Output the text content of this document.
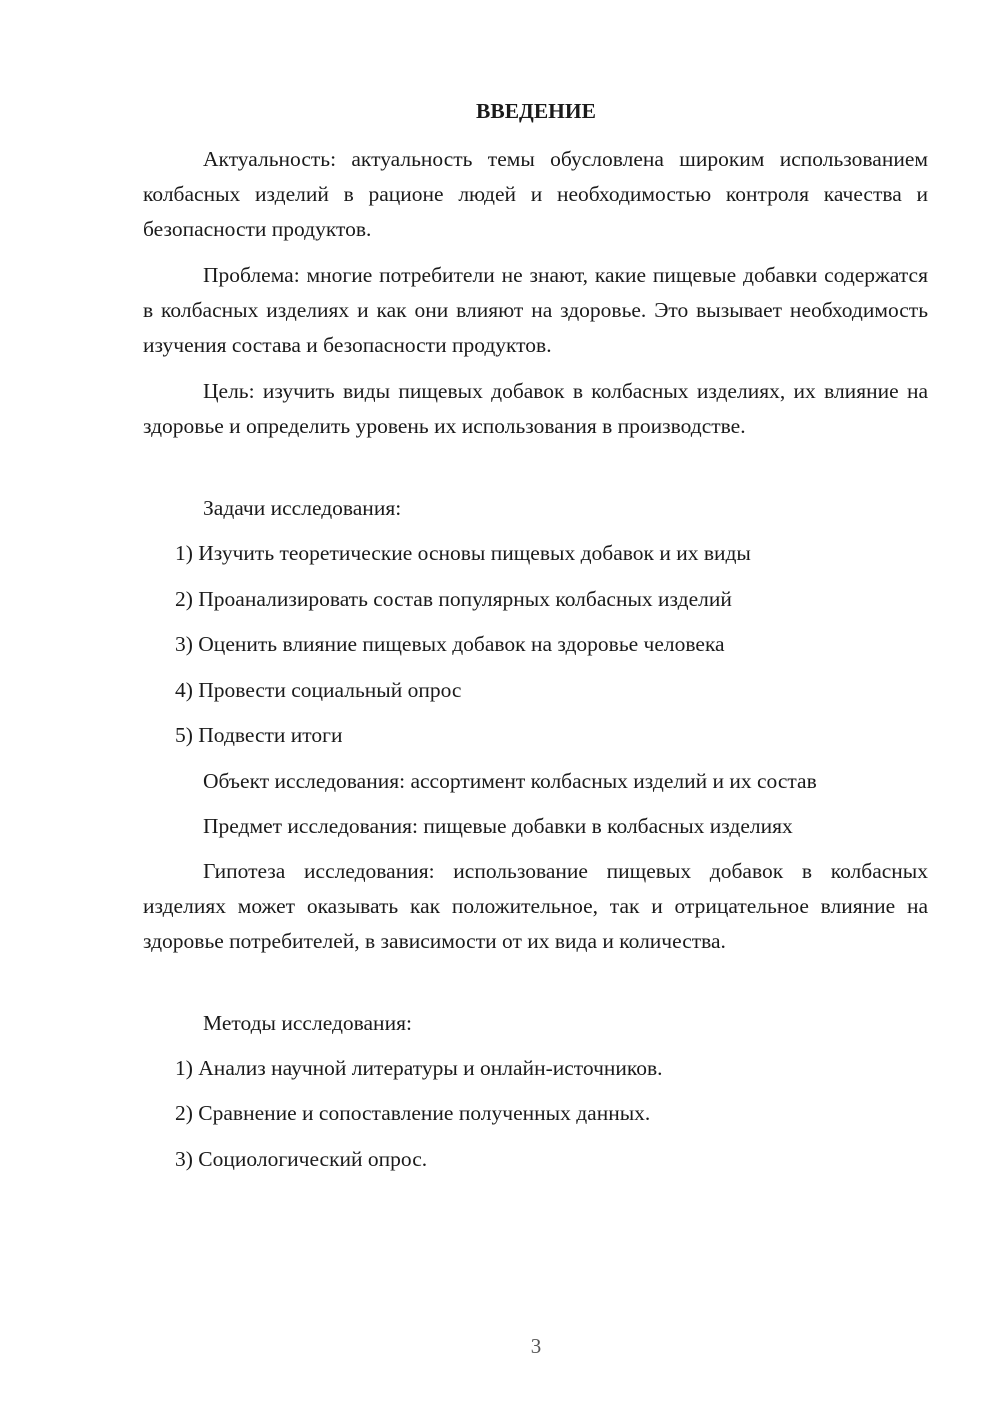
ВВЕДЕНИЕ
Актуальность: актуальность темы обусловлена широким использованием колбасных изделий в рационе людей и необходимостью контроля качества и безопасности продуктов.
Проблема: многие потребители не знают, какие пищевые добавки содержатся в колбасных изделиях и как они влияют на здоровье. Это вызывает необходимость изучения состава и безопасности продуктов.
Цель: изучить виды пищевых добавок в колбасных изделиях, их влияние на здоровье и определить уровень их использования в производстве.
Задачи исследования:
1) Изучить теоретические основы пищевых добавок и их виды
2) Проанализировать состав популярных колбасных изделий
3) Оценить влияние пищевых добавок на здоровье человека
4) Провести социальный опрос
5) Подвести итоги
Объект исследования: ассортимент колбасных изделий и их состав
Предмет исследования: пищевые добавки в колбасных изделиях
Гипотеза исследования: использование пищевых добавок в колбасных изделиях может оказывать как положительное, так и отрицательное влияние на здоровье потребителей, в зависимости от их вида и количества.
Методы исследования:
1) Анализ научной литературы и онлайн-источников.
2) Сравнение и сопоставление полученных данных.
3) Социологический опрос.
3
